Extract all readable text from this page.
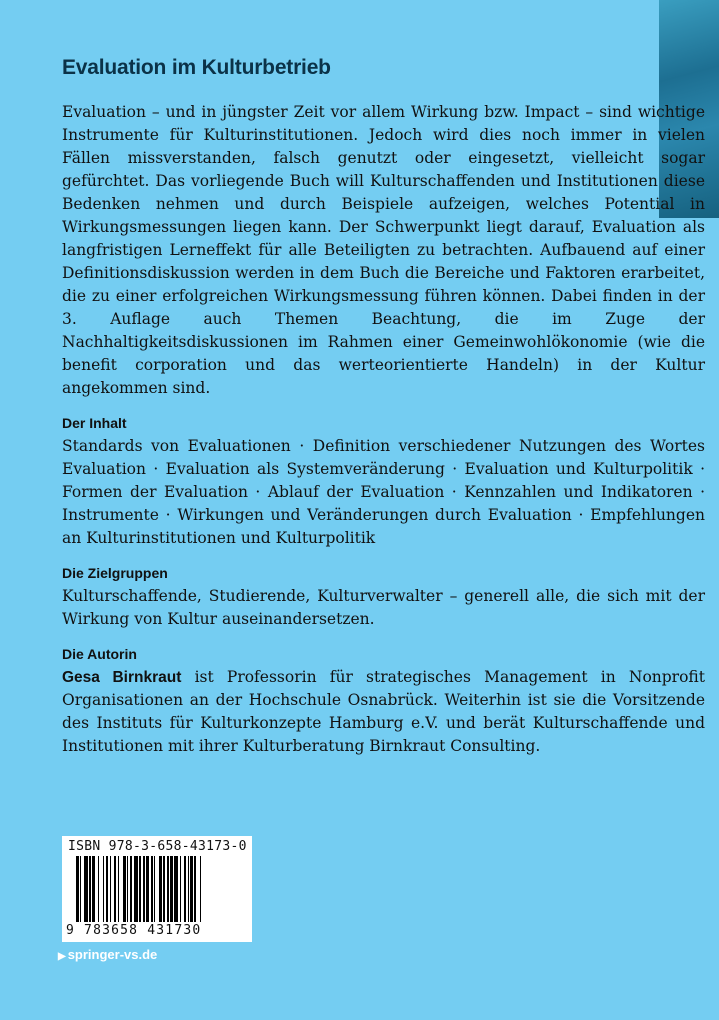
Evaluation im Kulturbetrieb

Evaluation – und in jüngster Zeit vor allem Wirkung bzw. Impact – sind wichtige Instrumente für Kulturinstitutionen. Jedoch wird dies noch immer in vielen Fällen missverstanden, falsch genutzt oder eingesetzt, vielleicht sogar gefürchtet. Das vorliegende Buch will Kulturschaffenden und Institutionen diese Bedenken nehmen und durch Beispiele aufzeigen, welches Potential in Wirkungsmessungen liegen kann. Der Schwerpunkt liegt darauf, Evaluation als langfristigen Lerneffekt für alle Beteiligten zu betrachten. Aufbauend auf einer Definitionsdiskussion werden in dem Buch die Bereiche und Faktoren erarbeitet, die zu einer erfolgreichen Wirkungsmessung führen können. Dabei finden in der 3. Auflage auch Themen Beachtung, die im Zuge der Nachhaltigkeitsdiskussionen im Rahmen einer Gemeinwohlökonomie (wie die benefit corporation und das werteorientierte Handeln) in der Kultur angekommen sind.

Der Inhalt

Standards von Evaluationen · Definition verschiedener Nutzungen des Wortes Evaluation · Evaluation als Systemveränderung · Evaluation und Kulturpolitik · Formen der Evaluation · Ablauf der Evaluation · Kennzahlen und Indikatoren · Instrumente · Wirkungen und Veränderungen durch Evaluation · Empfehlungen an Kulturinstitutionen und Kulturpolitik

Die Zielgruppen

Kulturschaffende, Studierende, Kulturverwalter – generell alle, die sich mit der Wirkung von Kultur auseinandersetzen.

Die Autorin

Gesa Birnkraut ist Professorin für strategisches Management in Nonprofit Organisationen an der Hochschule Osnabrück. Weiterhin ist sie die Vorsitzende des Instituts für Kulturkonzepte Hamburg e.V. und berät Kulturschaffende und Institutionen mit ihrer Kulturberatung Birnkraut Consulting.

ISBN 978-3-658-43173-0
9 783658 431730
▶ springer-vs.de
